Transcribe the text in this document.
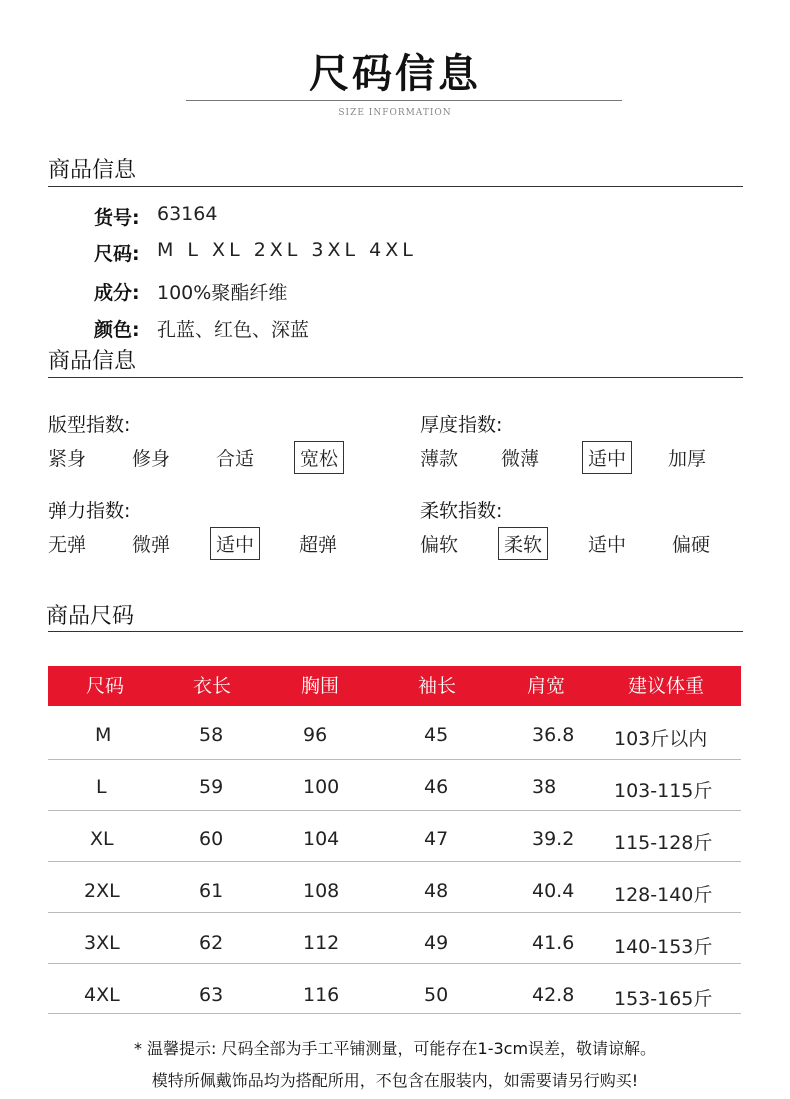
尺码信息
SIZE INFORMATION
商品信息
货号: 63164
尺码: M L XL 2XL 3XL 4XL
成分: 100%聚酯纤维
颜色: 孔蓝、红色、深蓝
商品信息
版型指数:
紧身 修身 合适	宽松
厚度指数:
薄款 微薄	适中	加厚
弹力指数:
无弹 微弹	适中	超弹
柔软指数:
偏软	柔软	适中 偏硬
商品尺码
尺码	衣长	胸围	袖长	肩宽	建议体重
M	58	96	45	36.8 103斤以内
L	59	100	46	38	103-115斤
XL	60	104	47	39.2 115-128斤
2XL	61	108	48	40.4 128-140斤
3XL	62	112	49	41.6 140-153斤
4XL	63	116	50	42.8 153-165斤
* 温馨提示: 尺码全部为手工平铺测量，可能存在1-3cm误差，敬请谅解。
模特所佩戴饰品均为搭配所用，不包含在服装内，如需要请另行购买!
